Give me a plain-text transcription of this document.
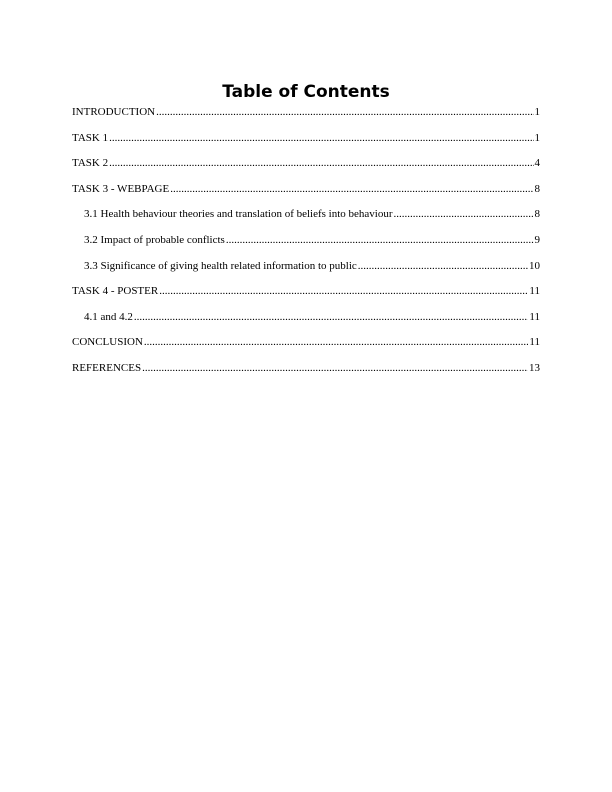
Table of Contents
INTRODUCTION .....	1
TASK 1 .....	1
TASK 2 .....	4
TASK 3 - WEBPAGE .....	8
3.1 Health behaviour theories and translation of beliefs into behaviour .....	8
3.2 Impact of probable conflicts .....	9
3.3 Significance of giving health related information to public .....	10
TASK 4 - POSTER .....	11
4.1 and 4.2 .....	11
CONCLUSION .....	11
REFERENCES .....	13
